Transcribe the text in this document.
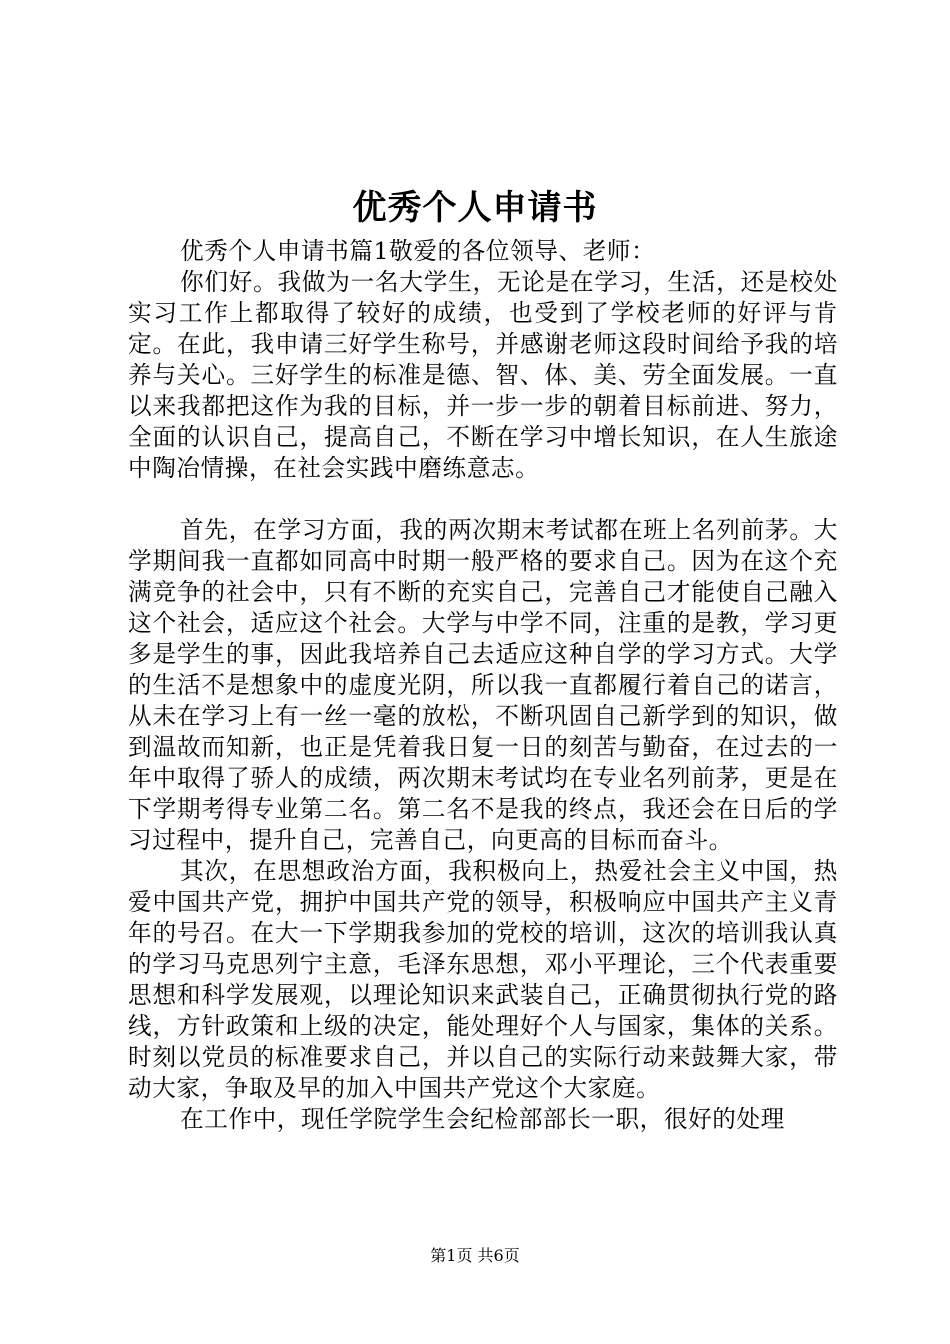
优秀个人申请书

优秀个人申请书篇1敬爱的各位领导、老师：

你们好。我做为一名大学生，无论是在学习，生活，还是校处实习工作上都取得了较好的成绩，也受到了学校老师的好评与肯定。在此，我申请三好学生称号，并感谢老师这段时间给予我的培养与关心。三好学生的标准是德、智、体、美、劳全面发展。一直以来我都把这作为我的目标，并一步一步的朝着目标前进、努力，全面的认识自己，提高自己，不断在学习中增长知识，在人生旅途中陶冶情操，在社会实践中磨练意志。

首先，在学习方面，我的两次期末考试都在班上名列前茅。大学期间我一直都如同高中时期一般严格的要求自己。因为在这个充满竞争的社会中，只有不断的充实自己，完善自己才能使自己融入这个社会，适应这个社会。大学与中学不同，注重的是教，学习更多是学生的事，因此我培养自己去适应这种自学的学习方式。大学的生活不是想象中的虚度光阴，所以我一直都履行着自己的诺言，从未在学习上有一丝一毫的放松，不断巩固自己新学到的知识，做到温故而知新，也正是凭着我日复一日的刻苦与勤奋，在过去的一年中取得了骄人的成绩，两次期末考试均在专业名列前茅，更是在下学期考得专业第二名。第二名不是我的终点，我还会在日后的学习过程中，提升自己，完善自己，向更高的目标而奋斗。

其次，在思想政治方面，我积极向上，热爱社会主义中国，热爱中国共产党，拥护中国共产党的领导，积极响应中国共产主义青年的号召。在大一下学期我参加的党校的培训，这次的培训我认真的学习马克思列宁主意，毛泽东思想，邓小平理论，三个代表重要思想和科学发展观，以理论知识来武装自己，正确贯彻执行党的路线，方针政策和上级的决定，能处理好个人与国家，集体的关系。时刻以党员的标准要求自己，并以自己的实际行动来鼓舞大家，带动大家，争取及早的加入中国共产党这个大家庭。

在工作中，现任学院学生会纪检部部长一职，很好的处理

第1页 共6页
